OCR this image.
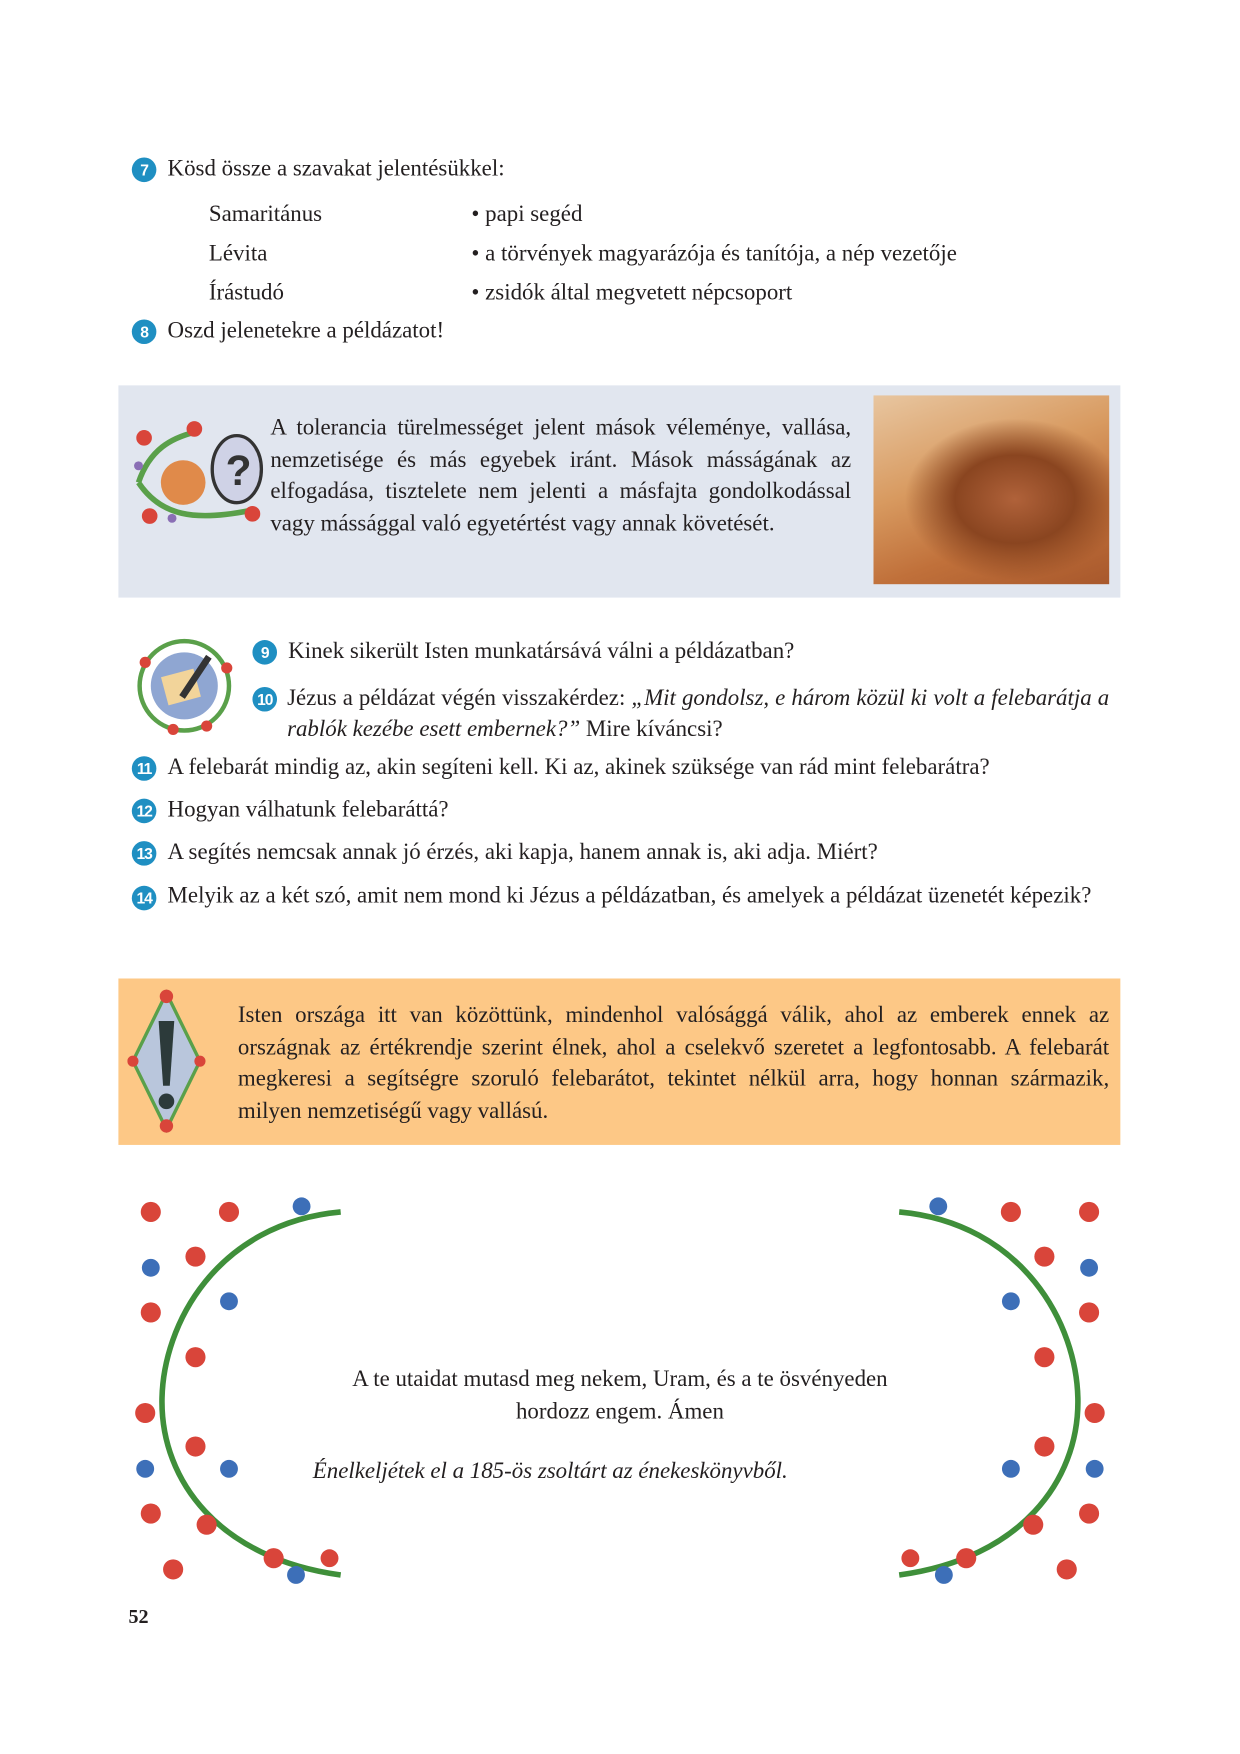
7 Kösd össze a szavakat jelentésükkel:
Samaritánus
Lévita
Írástudó
• papi segéd
• a törvények magyarázója és tanítója, a nép vezetője
• zsidók által megvetett népcsoport
8 Oszd jelenetekre a példázatot!
?
A tolerancia türelmességet jelent mások véleménye, vallása, nemzetisége és más egyebek iránt. Mások másságának az elfogadása, tisztelete nem jelenti a másfajta gondolkodással vagy mássággal való egyetértést vagy annak követését.
9 Kinek sikerült Isten munkatársává válni a példázatban?
10 Jézus a példázat végén visszakérdez: „Mit gondolsz, e három közül ki volt a felebarátja a rablók kezébe esett embernek?” Mire kíváncsi?
11 A felebarát mindig az, akin segíteni kell. Ki az, akinek szüksége van rád mint felebarátra?
12 Hogyan válhatunk felebaráttá?
13 A segítés nemcsak annak jó érzés, aki kapja, hanem annak is, aki adja. Miért?
14 Melyik az a két szó, amit nem mond ki Jézus a példázatban, és amelyek a példázat üzenetét képezik?
Isten országa itt van közöttünk, mindenhol valósággá válik, ahol az emberek ennek az országnak az értékrendje szerint élnek, ahol a cselekvő szeretet a legfontosabb. A felebarát megkeresi a segítségre szoruló felebarátot, tekintet nélkül arra, hogy honnan származik, milyen nemzetiségű vagy vallású.
A te utaidat mutasd meg nekem, Uram, és a te ösvényeden
hordozz engem. Ámen
Énelkeljétek el a 185-ös zsoltárt az énekeskönyvből.
52
